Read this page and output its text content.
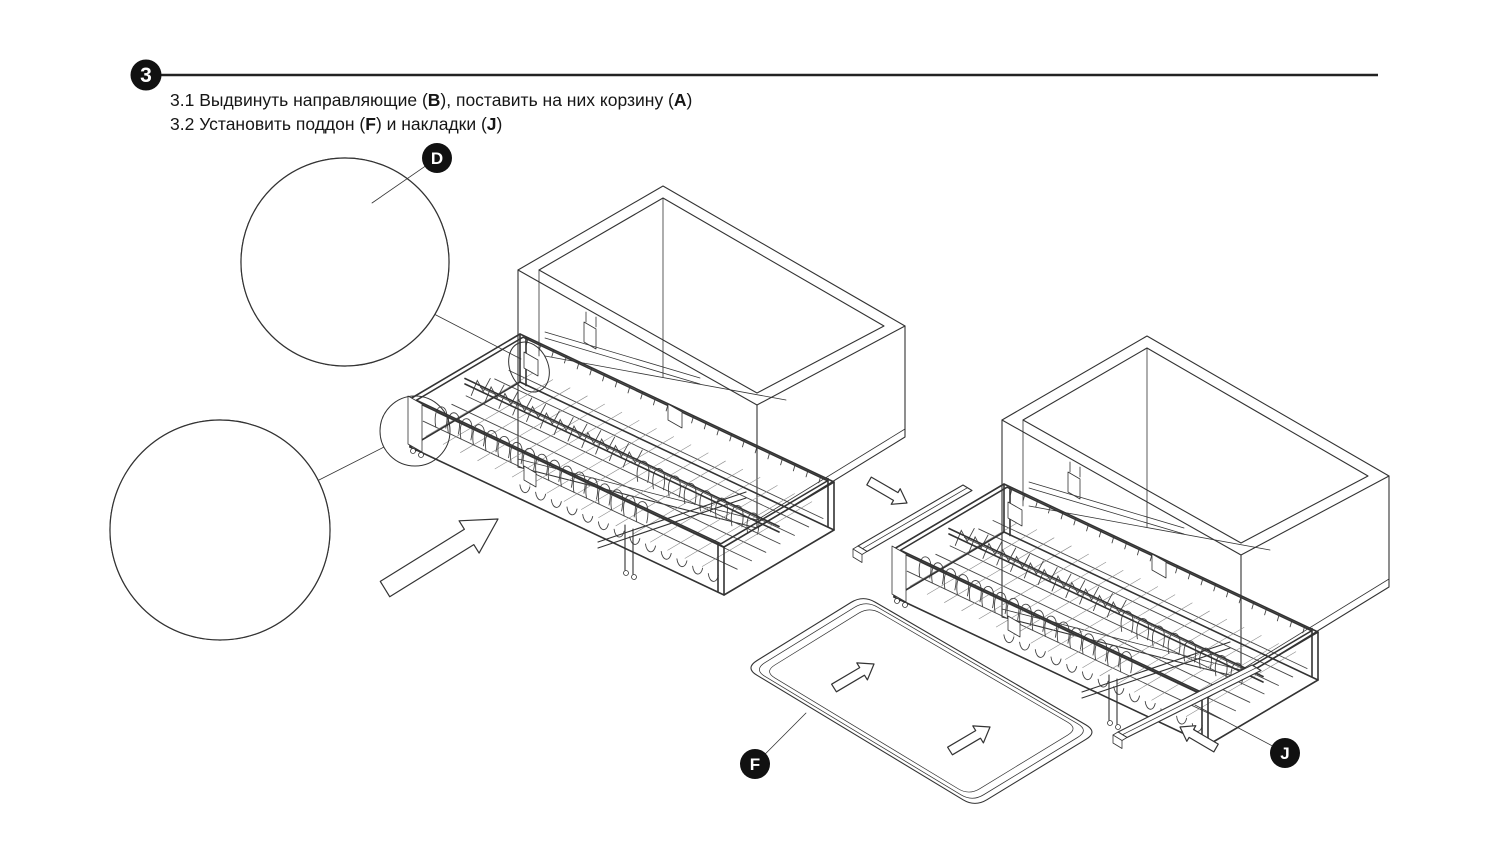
3
D
F
J
3.1 Выдвинуть направляющие (B), поставить на них корзину (A)
3.2 Установить поддон (F) и накладки (J)
